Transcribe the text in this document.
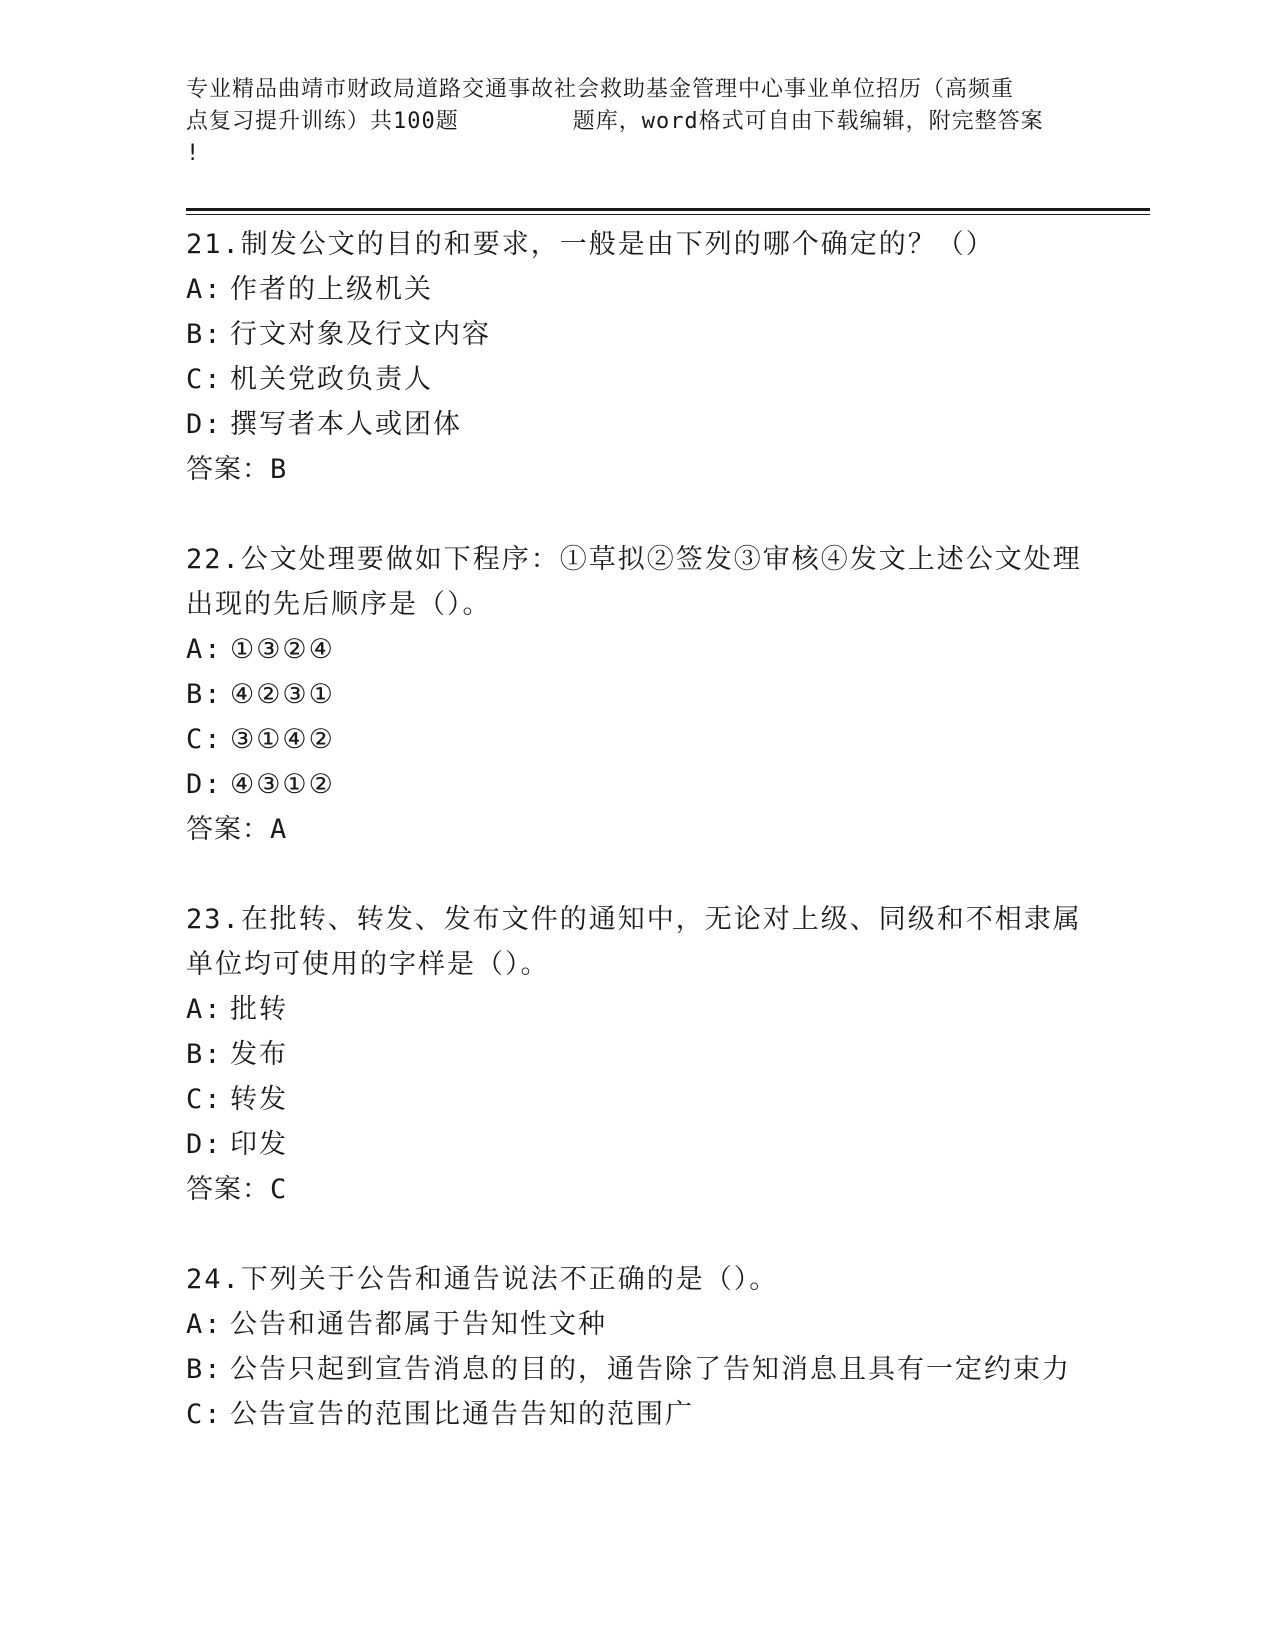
专业精品曲靖市财政局道路交通事故社会救助基金管理中心事业单位招历（高频重
点复习提升训练）共100题        题库，word格式可自由下载编辑，附完整答案
!
21.制发公文的目的和要求，一般是由下列的哪个确定的？（）
A: 作者的上级机关
B: 行文对象及行文内容
C: 机关党政负责人
D: 撰写者本人或团体
答案：B
22.公文处理要做如下程序：①草拟②签发③审核④发文上述公文处理
出现的先后顺序是（）。
A: ①③②④
B: ④②③①
C: ③①④②
D: ④③①②
答案：A
23.在批转、转发、发布文件的通知中，无论对上级、同级和不相隶属
单位均可使用的字样是（）。
A: 批转
B: 发布
C: 转发
D: 印发
答案：C
24.下列关于公告和通告说法不正确的是（）。
A: 公告和通告都属于告知性文种
B: 公告只起到宣告消息的目的，通告除了告知消息且具有一定约束力
C: 公告宣告的范围比通告告知的范围广
